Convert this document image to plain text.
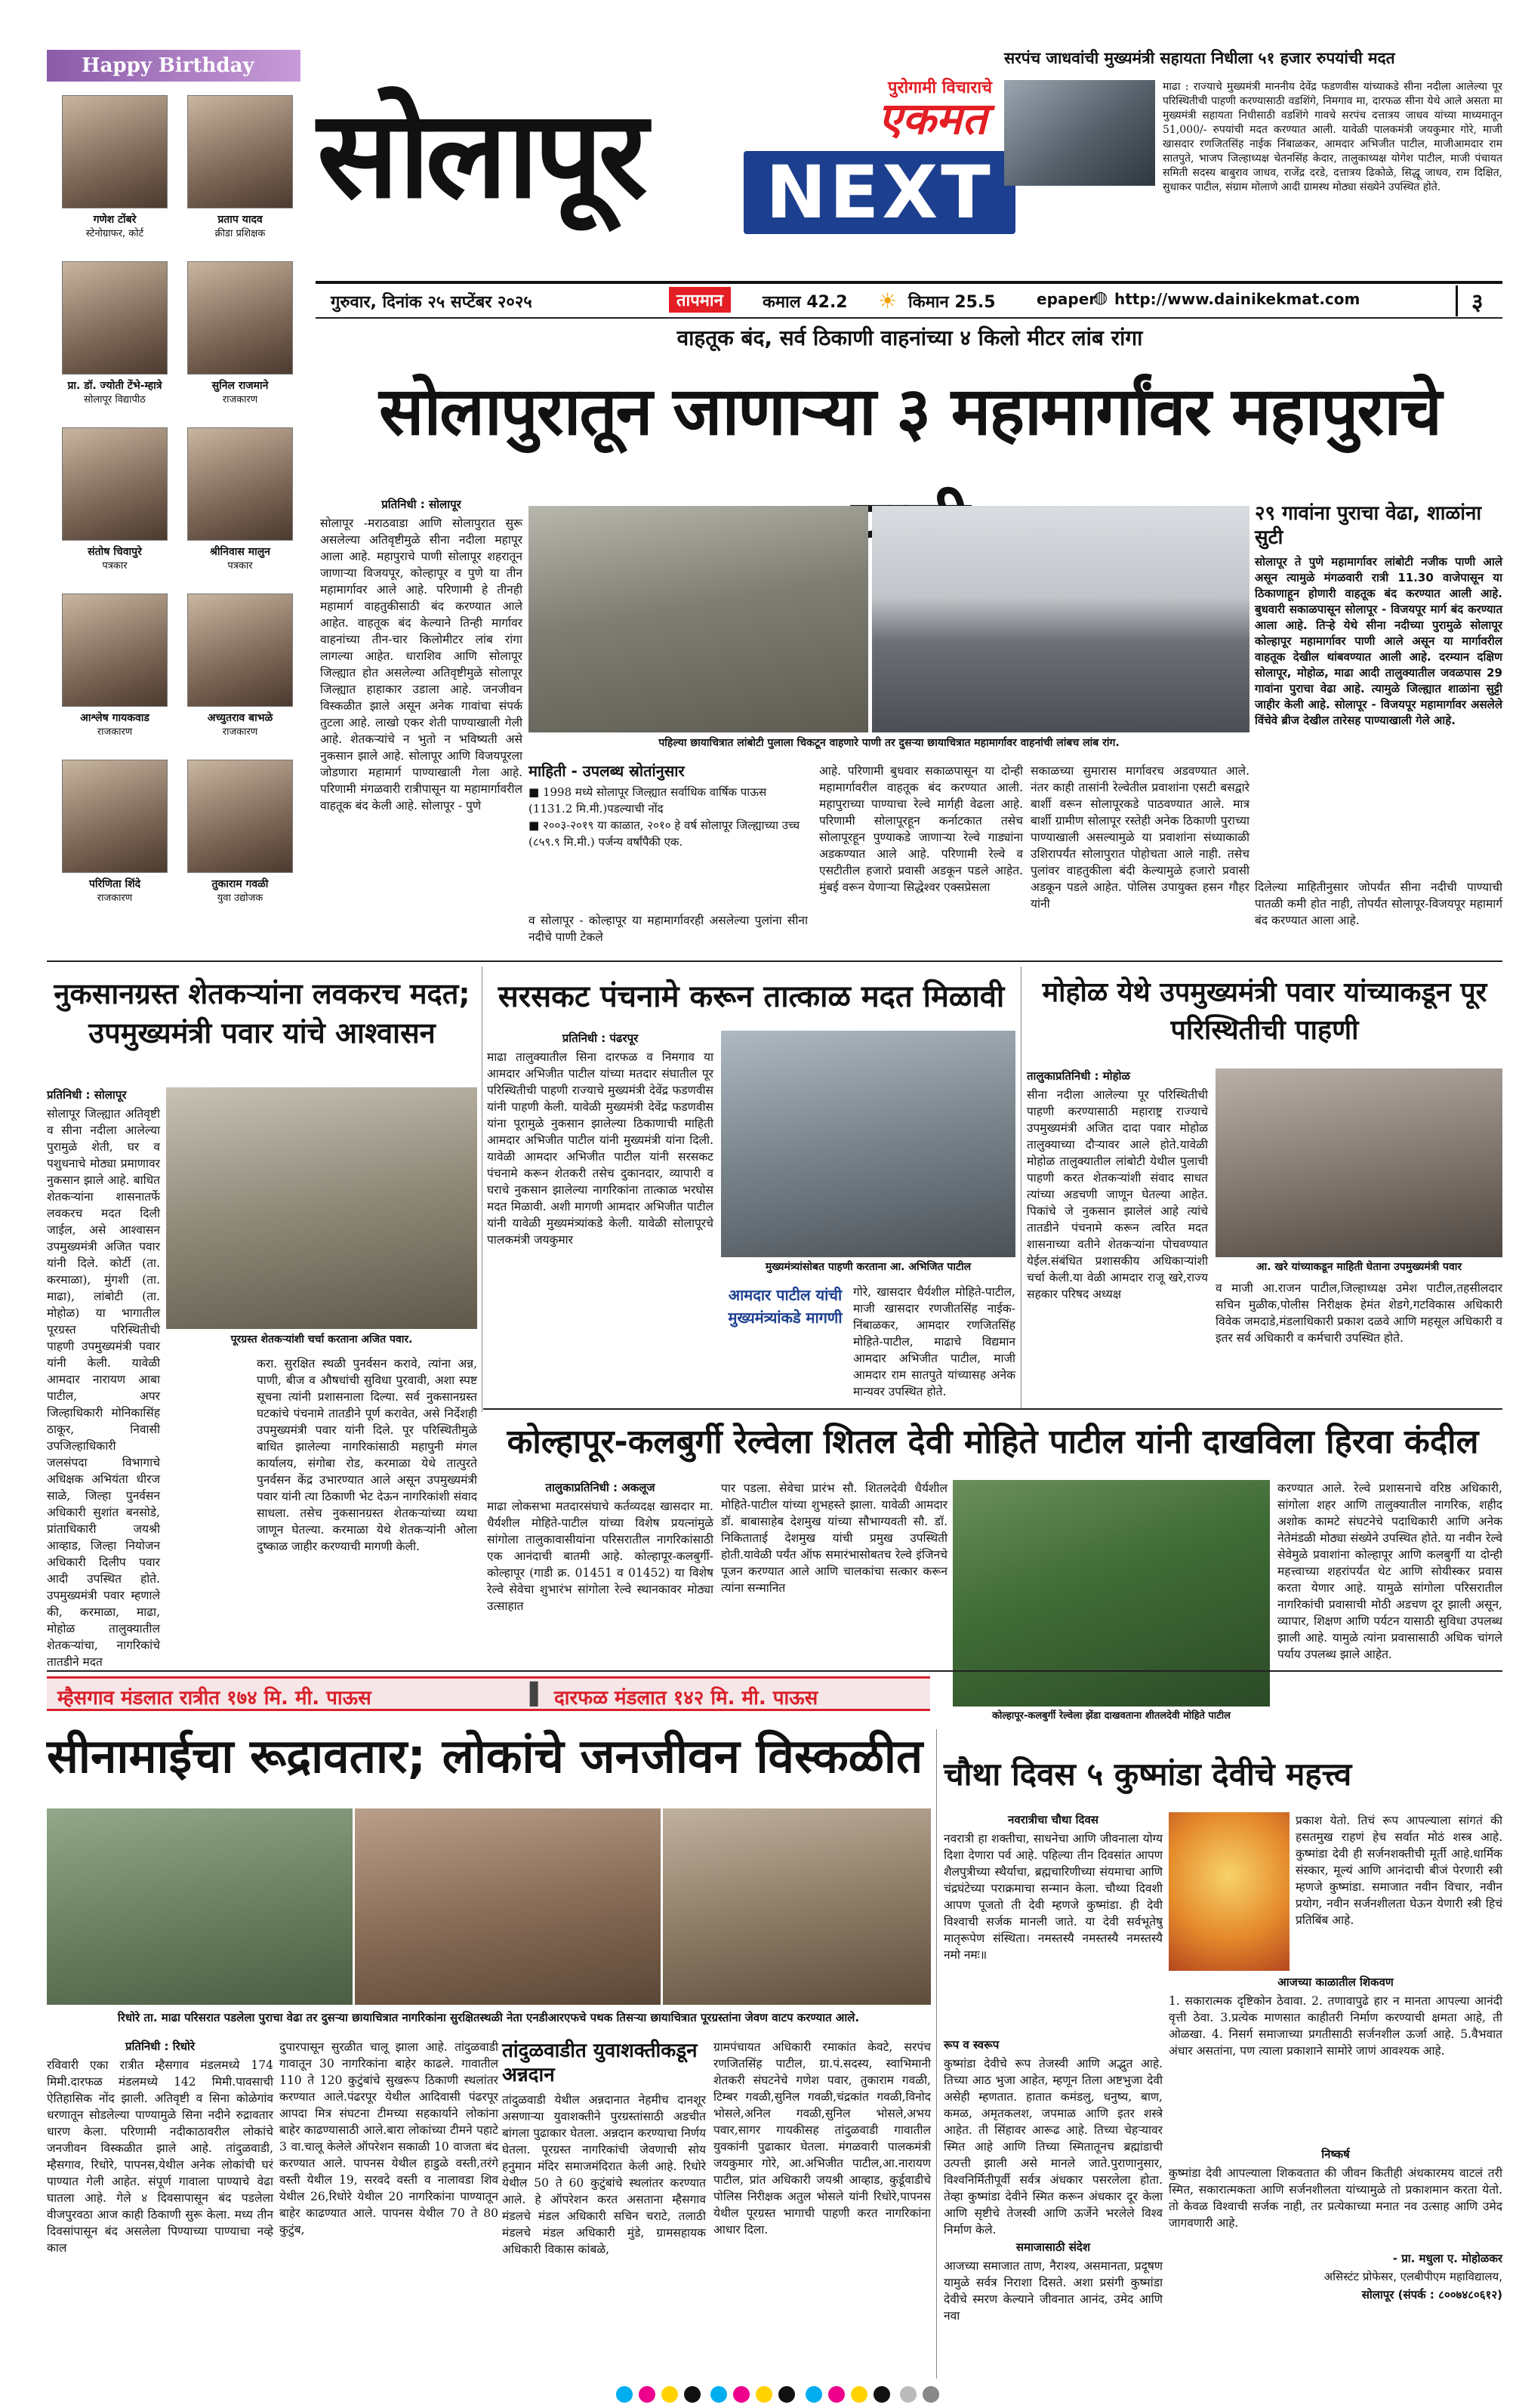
Happy Birthday
गणेश टोंबरे
स्टेनोग्राफर, कोर्ट
प्रताप यादव
क्रीडा प्रशिक्षक
प्रा. डॉ. ज्योती टेंभे-म्हात्रे
सोलापूर विद्यापीठ
सुनिल राजमाने
राजकारण
संतोष चिवापुरे
पत्रकार
श्रीनिवास मालुन
पत्रकार
आश्लेष गायकवाड
राजकारण
अच्युतराव बाभळे
राजकारण
परिणिता शिंदे
राजकारण
तुकाराम गवळी
युवा उद्योजक
सोलापूर	पुरोगामी विचाराचे
एकमत
NEXT
गुरुवार, दिनांक २५ सप्टेंबर २०२५	तापमान	कमाल 42.2 ☀ किमान 25.5	epaper
◍ http://www.dainikekmat.com	३
सरपंच जाधवांची मुख्यमंत्री सहायता निधीला ५१ हजार रुपयांची मदत
माढा : राज्याचे मुख्यमंत्री माननीय देवेंद्र फडणवीस यांच्याकडे सीना नदीला आलेल्या पूर परिस्थितीची पाहणी करण्यासाठी वडशिंगे, निमगाव मा, दारफळ सीना येथे आले असता मा मुख्यमंत्री सहायता निधीसाठी वडशिंगे गावचे सरपंच दत्तात्रय जाधव यांच्या माध्यमातून 51,000/- रुपयांची मदत करण्यात आली. यावेळी पालकमंत्री जयकुमार गोरे, माजी खासदार रणजितसिंह नाईक निंबाळकर, आमदार अभिजीत पाटील, माजीआमदार राम सातपुते, भाजप जिल्हाध्यक्ष चेतनसिंह केदार, तालुकाध्यक्ष योगेश पाटील, माजी पंचायत समिती सदस्य बाबुराव जाधव, राजेंद्र दरडे, दत्तात्रय ढिकोळे, सिद्धू जाधव, राम दिक्षित, सुधाकर पाटील, संग्राम मोलाणे आदी ग्रामस्थ मोठ्या संख्येने उपस्थित होते.
वाहतूक बंद, सर्व ठिकाणी वाहनांच्या ४ किलो मीटर लांब रांगा
सोलापुरातून जाणाऱ्या ३ महामार्गांवर महापुराचे
प्रतिनिधी : सोलापूर
सोलापूर -मराठवाडा आणि सोलापुरात सुरू असलेल्या अतिवृष्टीमुळे सीना नदीला महापूर आला आहे. महापुराचे पाणी सोलापूर शहरातून जाणाऱ्या विजयपूर, कोल्हापूर व पुणे या तीन महामार्गावर आले आहे. परिणामी हे तीनही महामार्ग वाहतुकीसाठी बंद करण्यात आले आहेत. वाहतूक बंद केल्याने तिन्ही मार्गावर वाहनांच्या तीन-चार किलोमीटर लांब रांगा लागल्या आहेत. धाराशिव आणि सोलापूर जिल्ह्यात होत असलेल्या अतिवृष्टीमुळे सोलापूर जिल्ह्यात हाहाकार उडाला आहे. जनजीवन विस्कळीत झाले असून अनेक गावांचा संपर्क तुटला आहे. लाखो एकर शेती पाण्याखाली गेली आहे. शेतकऱ्यांचे न भुतो न भविष्यती असे नुकसान झाले आहे. सोलापूर आणि विजयपूरला जोडणारा महामार्ग पाण्याखाली गेला आहे. परिणामी मंगळवारी रात्रीपासून या महामार्गावरील वाहतूक बंद केली आहे. सोलापूर - पुणे
पहिल्या छायाचित्रात लांबोटी पुलाला चिकटून वाहणारे पाणी तर दुसऱ्या छायाचित्रात महामार्गावर वाहनांची लांबच लांब रांग.
माहिती - उपलब्ध स्रोतांनुसार
■ 1998 मध्ये सोलापूर जिल्ह्यात सर्वाधिक वार्षिक पाऊस (1131.2 मि.मी.)पडल्याची नोंद
■ २००३-२०१९ या काळात, २०१० हे वर्ष सोलापूर जिल्ह्याच्या उच्च (८५९.९ मि.मी.) पर्जन्य वर्षांपैकी एक.
व सोलापूर - कोल्हापूर या महामार्गावरही असलेल्या पुलांना सीना नदीचे पाणी टेकले
आहे. परिणामी बुधवार सकाळपासून या दोन्ही महामार्गावरील वाहतूक बंद करण्यात आली. महापुराच्या पाण्याचा रेल्वे मार्गही वेढला आहे. परिणामी सोलापूरहून कर्नाटकात तसेच सोलापूरहून पुण्याकडे जाणाऱ्या रेल्वे गाड्यांना अडकण्यात आले आहे. परिणामी रेल्वे व एसटीतील हजारो प्रवासी अडकून पडले आहेत. मुंबई वरून येणाऱ्या सिद्धेश्वर एक्सप्रेसला
सकाळच्या सुमारास मार्गावरच अडवण्यात आले. नंतर काही तासांनी रेल्वेतील प्रवाशांना एसटी बसद्वारे बार्शी वरून सोलापूरकडे पाठवण्यात आले. मात्र बार्शी ग्रामीण सोलापूर रस्तेही अनेक ठिकाणी पुराच्या पाण्याखाली असल्यामुळे या प्रवाशांना संध्याकाळी उशिरापर्यंत सोलापुरात पोहोचता आले नाही. तसेच पुलांवर वाहतुकीला बंदी केल्यामुळे हजारो प्रवासी अडकून पडले आहेत. पोलिस उपायुक्त हसन गौहर यांनी
२९ गावांना पुराचा वेढा, शाळांना सुटी
सोलापूर ते पुणे महामार्गावर लांबोटी नजीक पाणी आले असून त्यामुळे मंगळवारी रात्री 11.30 वाजेपासून या ठिकाणाहून होणारी वाहतूक बंद करण्यात आली आहे. बुधवारी सकाळपासून सोलापूर - विजयपूर मार्ग बंद करण्यात आला आहे. तिऱ्हे येथे सीना नदीच्या पुरामुळे सोलापूर कोल्हापूर महामार्गावर पाणी आले असून या मार्गावरील वाहतूक देखील थांबवण्यात आली आहे. दरम्यान दक्षिण सोलापूर, मोहोळ, माढा आदी तालुक्यातील जवळपास 29 गावांना पुराचा वेढा आहे. त्यामुळे जिल्ह्यात शाळांना सुट्टी जाहीर केली आहे. सोलापूर - विजयपूर महामार्गावर असलेले विंचेवे ब्रीज देखील तारेसह पाण्याखाली गेले आहे.
दिलेल्या माहितीनुसार जोपर्यंत सीना नदीची पाण्याची पातळी कमी होत नाही, तोपर्यंत सोलापूर-विजयपूर महामार्ग बंद करण्यात आला आहे.
नुकसानग्रस्त शेतकऱ्यांना लवकरच मदत; उपमुख्यमंत्री पवार यांचे आश्वासन
प्रतिनिधी : सोलापूर
सोलापूर जिल्ह्यात अतिवृष्टी व सीना नदीला आलेल्या पुरामुळे शेती, घर व पशुधनाचे मोठ्या प्रमाणावर नुकसान झाले आहे. बाधित शेतकऱ्यांना शासनातर्फे लवकरच मदत दिली जाईल, असे आश्वासन उपमुख्यमंत्री अजित पवार यांनी दिले. कोर्टी (ता. करमाळा), मुंगशी (ता. माढा), लांबोटी (ता. मोहोळ) या भागातील पूरग्रस्त परिस्थितीची पाहणी उपमुख्यमंत्री पवार यांनी केली. यावेळी आमदार नारायण आबा पाटील, अपर जिल्हाधिकारी मोनिकासिंह ठाकूर, निवासी उपजिल्हाधिकारी जलसंपदा विभागाचे अधिक्षक अभियंता धीरज साळे, जिल्हा पुनर्वसन अधिकारी सुशांत बनसोडे, प्रांताधिकारी जयश्री आव्हाड, जिल्हा नियोजन अधिकारी दिलीप पवार आदी उपस्थित होते. उपमुख्यमंत्री पवार म्हणाले की, करमाळा, माढा, मोहोळ तालुक्यातील शेतकऱ्यांचा, नागरिकांचे तातडीने मदत
पूरग्रस्त शेतकऱ्यांशी चर्चा करताना अजित पवार.
करा. सुरक्षित स्थळी पुनर्वसन करावे, त्यांना अन्न, पाणी, बीज व औषधांची सुविधा पुरवावी, अशा स्पष्ट सूचना त्यांनी प्रशासनाला दिल्या. सर्व नुकसानग्रस्त घटकांचे पंचनामे तातडीने पूर्ण करावेत, असे निर्देशही उपमुख्यमंत्री पवार यांनी दिले. पूर परिस्थितीमुळे बाधित झालेल्या नागरिकांसाठी महापुनी मंगल कार्यालय, संगोबा रोड, करमाळा येथे तात्पुरते पुनर्वसन केंद्र उभारण्यात आले असून उपमुख्यमंत्री पवार यांनी त्या ठिकाणी भेट देऊन नागरिकांशी संवाद साधला. तसेच नुकसानग्रस्त शेतकऱ्यांच्या व्यथा जाणून घेतल्या. करमाळा येथे शेतकऱ्यांनी ओला दुष्काळ जाहीर करण्याची मागणी केली.
सरसकट पंचनामे करून तात्काळ मदत मिळावी
प्रतिनिधी : पंढरपूर
माढा तालुक्यातील सिना दारफळ व निमगाव या आमदार अभिजीत पाटील यांच्या मतदार संघातील पूर परिस्थितीची पाहणी राज्याचे मुख्यमंत्री देवेंद्र फडणवीस यांनी पाहणी केली. यावेळी मुख्यमंत्री देवेंद्र फडणवीस यांना पूरामुळे नुकसान झालेल्या ठिकाणाची माहिती आमदार अभिजीत पाटील यांनी मुख्यमंत्री यांना दिली. यावेळी आमदार अभिजीत पाटील यांनी सरसकट पंचनामे करून शेतकरी तसेच दुकानदार, व्यापारी व घराचे नुकसान झालेल्या नागरिकांना तात्काळ भरघोस मदत मिळावी. अशी मागणी आमदार अभिजीत पाटील यांनी यावेळी मुख्यमंत्र्यांकडे केली. यावेळी सोलापूरचे पालकमंत्री जयकुमार
मुख्यमंत्र्यांसोबत पाहणी करताना आ. अभिजित पाटील
आमदार पाटील यांची मुख्यमंत्र्यांकडे मागणी
गोरे, खासदार धैर्यशील मोहिते-पाटील, माजी खासदार रणजीतसिंह नाईक-निंबाळकर, आमदार रणजितसिंह मोहिते-पाटील, माढाचे विद्यमान आमदार अभिजीत पाटील, माजी आमदार राम सातपुते यांच्यासह अनेक मान्यवर उपस्थित होते.
मोहोळ येथे उपमुख्यमंत्री पवार यांच्याकडून पूर परिस्थितीची पाहणी
तालुकाप्रतिनिधी : मोहोळ
सीना नदीला आलेल्या पूर परिस्थितीची पाहणी करण्यासाठी महाराष्ट्र राज्याचे उपमुख्यमंत्री अजित दादा पवार मोहोळ तालुक्याच्या दौऱ्यावर आले होते.यावेळी मोहोळ तालुक्यातील लांबोटी येथील पुलाची पाहणी करत शेतकऱ्यांशी संवाद साधत त्यांच्या अडचणी जाणून घेतल्या आहेत. पिकांचे जे नुकसान झालेलं आहे त्यांचे तातडीने पंचनामे करून त्वरित मदत शासनाच्या वतीने शेतकऱ्यांना पोचवण्यात येईल.संबंधित प्रशासकीय अधिकाऱ्यांशी चर्चा केली.या वेळी आमदार राजू खरे,राज्य सहकार परिषद अध्यक्ष
आ. खरे यांच्याकडून माहिती घेताना उपमुख्यमंत्री पवार
व माजी आ.राजन पाटील,जिल्हाध्यक्ष उमेश पाटील,तहसीलदार सचिन मुळीक,पोलीस निरीक्षक हेमंत शेडगे,गटविकास अधिकारी विवेक जमदाडे,मंडलाधिकारी प्रकाश दळवे आणि महसूल अधिकारी व इतर सर्व अधिकारी व कर्मचारी उपस्थित होते.
कोल्हापूर-कलबुर्गी रेल्वेला शितल देवी मोहिते पाटील यांनी दाखविला हिरवा कंदील
तालुकाप्रतिनिधी : अकलूज
माढा लोकसभा मतदारसंघाचे कर्तव्यदक्ष खासदार मा. धैर्यशील मोहिते-पाटील यांच्या विशेष प्रयत्नांमुळे सांगोला तालुकावासीयांना परिसरातील नागरिकांसाठी एक आनंदाची बातमी आहे. कोल्हापूर-कलबुर्गी-कोल्हापूर (गाडी क्र. 01451 व 01452) या विशेष रेल्वे सेवेचा शुभारंभ सांगोला रेल्वे स्थानकावर मोठ्या उत्साहात
पार पडला. सेवेचा प्रारंभ सौ. शितलदेवी धैर्यशील मोहिते-पाटील यांच्या शुभहस्ते झाला. यावेळी आमदार डॉ. बाबासाहेब देशमुख यांच्या सौभाग्यवती सौ. डॉ. निकिताताई देशमुख यांची प्रमुख उपस्थिती होती.यावेळी पर्यंत ऑफ समारंभासोबतच रेल्वे इंजिनचे पूजन करण्यात आले आणि चालकांचा सत्कार करून त्यांना सन्मानित
कोल्हापूर-कलबुर्गी रेल्वेला झेंडा दाखवताना शीतलदेवी मोहिते पाटील
करण्यात आले. रेल्वे प्रशासनाचे वरिष्ठ अधिकारी, सांगोला शहर आणि तालुक्यातील नागरिक, शहीद अशोक कामटे संघटनेचे पदाधिकारी आणि अनेक नेतेमंडळी मोठ्या संख्येने उपस्थित होते. या नवीन रेल्वे सेवेमुळे प्रवाशांना कोल्हापूर आणि कलबुर्गी या दोन्ही महत्त्वाच्या शहरांपर्यंत थेट आणि सोयीस्कर प्रवास करता येणार आहे. यामुळे सांगोला परिसरातील नागरिकांची प्रवासाची मोठी अडचण दूर झाली असून, व्यापार, शिक्षण आणि पर्यटन यासाठी सुविधा उपलब्ध झाली आहे. यामुळे त्यांना प्रवासासाठी अधिक चांगले पर्याय उपलब्ध झाले आहेत.
म्हैसगाव मंडलात रात्रीत १७४ मि. मी. पाऊस	▌ दारफळ मंडलात १४२ मि. मी. पाऊस
सीनामाईचा रूद्रावतार; लोकांचे जनजीवन विस्कळीत
रिधोरे ता. माढा परिसरात पडलेला पुराचा वेढा तर दुसऱ्या छायाचित्रात नागरिकांना सुरक्षितस्थळी नेता एनडीआरएफचे पथक तिसऱ्या छायाचित्रात पूरग्रस्तांना जेवण वाटप करण्यात आले.
प्रतिनिधी : रिधोरे
रविवारी एका रात्रीत म्हैसगाव मंडलमध्ये 174 मिमी.दारफळ मंडलमध्ये 142 मिमी.पावसाची ऐतिहासिक नोंद झाली. अतिवृष्टी व सिना कोळेगांव धरणातून सोडलेल्या पाण्यामुळे सिना नदीने रुद्रावतार धारण केला. परिणामी नदीकाठावरील लोकांचे जनजीवन विस्कळीत झाले आहे. तांदुळवाडी, म्हैसगाव, रिधोरे, पापनस,येथील अनेक लोकांची घरं पाण्यात गेली आहेत. संपूर्ण गावाला पाण्याचे वेढा घातला आहे. गेले ४ दिवसापासून बंद पडलेला वीजपुरवठा आज काही ठिकाणी सुरू केला. मध्य तीन दिवसांपासून बंद असलेला पिण्याच्या पाण्याचा नव्हे काल
दुपारपासून सुरळीत चालू झाला आहे. तांदुळवाडी गावातून 30 नागरिकांना बाहेर काढले. गावातील 110 ते 120 कुटुंबांचे सुखरूप ठिकाणी स्थलांतर करण्यात आले.पंढरपूर येथील आदिवासी पंढरपूर आपदा मित्र संघटना टीमच्या सहकार्याने लोकांना बाहेर काढण्यासाठी आले.बारा लोकांच्या टीमने पहाटे 3 वा.चालू केलेले ऑपरेशन सकाळी 10 वाजता बंद करण्यात आले. पापनस येथील हाडुळे वस्ती,तरंगे वस्ती येथील 19, सरवदे वस्ती व नालावडा शिव येथील 26,रिधोरे येथील 20 नागरिकांना पाण्यातून बाहेर काढण्यात आले. पापनस येथील 70 ते 80 कुटुंब,
तांदुळवाडीत युवाशक्तीकडून अन्नदान
तांदुळवाडी येथील अन्नदानात नेहमीच दानशूर असणाऱ्या युवाशक्तीने पुरग्रस्तांसाठी अडचीत बांगला पुढाकार घेतला. अन्नदान करण्याचा निर्णय घेतला. पूरग्रस्त नागरिकांची जेवणाची सोय हनुमान मंदिर समाजमंदिरात केली आहे. रिधोरे येथील 50 ते 60 कुटुंबांचे स्थलांतर करण्यात आले. हे ऑपरेशन करत असताना म्हैसगाव मंडलचे मंडल अधिकारी सचिन चराटे, तलाठी मंडलचे मंडल अधिकारी मुंडे, ग्रामसहायक अधिकारी विकास कांबळे,
ग्रामपंचायत अधिकारी रमाकांत केवटे, सरपंच रणजितसिंह पाटील, ग्रा.पं.सदस्य, स्वाभिमानी शेतकरी संघटनेचे गणेश पवार, तुकाराम गवळी, टिम्बर गवळी,सुनिल गवळी,चंद्रकांत गवळी,विनोद भोसले,अनिल गवळी,सुनिल भोसले,अभय पवार,सागर गायकीसह तांदुळवाडी गावातील युवकांनी पुढाकार घेतला. मंगळवारी पालकमंत्री जयकुमार गोरे, आ.अभिजीत पाटील,आ.नारायण पाटील, प्रांत अधिकारी जयश्री आव्हाड, कुर्डूवाडीचे पोलिस निरीक्षक अतुल भोसले यांनी रिधोरे,पापनस येथील पूरग्रस्त भागाची पाहणी करत नागरिकांना आधार दिला.
चौथा दिवस ५ कुष्मांडा देवीचे महत्त्व
नवरात्रीचा चौथा दिवस
नवरात्री हा शक्तीचा, साधनेचा आणि जीवनाला योग्य दिशा देणारा पर्व आहे. पहिल्या तीन दिवसांत आपण शैलपुत्रीच्या स्थैर्याचा, ब्रह्मचारिणीच्या संयमाचा आणि चंद्रघंटेच्या पराक्रमाचा सन्मान केला. चौथ्या दिवशी आपण पूजतो ती देवी म्हणजे कुष्मांडा. ही देवी विश्वाची सर्जक मानली जाते. या देवी सर्वभूतेषु मातृरूपेण संस्थिता। नमस्तस्यै नमस्तस्यै नमस्तस्यै नमो नमः॥
रूप व स्वरूप
कुष्मांडा देवीचे रूप तेजस्वी आणि अद्भुत आहे. तिच्या आठ भुजा आहेत, म्हणून तिला अष्टभुजा देवी असेही म्हणतात. हातात कमंडलु, धनुष्य, बाण, कमळ, अमृतकलश, जपमाळ आणि इतर शस्त्रे आहेत. ती सिंहावर आरूढ आहे. तिच्या चेहऱ्यावर स्मित आहे आणि तिच्या स्मितातूनच ब्रह्मांडाची उत्पत्ती झाली असे मानले जाते.पुराणानुसार, विश्वनिर्मितीपूर्वी सर्वत्र अंधकार पसरलेला होता. तेव्हा कुष्मांडा देवीने स्मित करून अंधकार दूर केला आणि सृष्टीचे तेजस्वी आणि ऊर्जेने भरलेले विश्व निर्माण केले.
समाजासाठी संदेश
आजच्या समाजात ताण, नैराश्य, असमानता, प्रदूषण यामुळे सर्वत्र निराशा दिसते. अशा प्रसंगी कुष्मांडा देवीचे स्मरण केल्याने जीवनात आनंद, उमेद आणि नवा
प्रकाश येतो. तिचं रूप आपल्याला सांगतं की हसतमुख राहणं हेच सर्वात मोठं शस्त्र आहे. कुष्मांडा देवी ही सर्जनशक्तीची मूर्ती आहे.धार्मिक संस्कार, मूल्यं आणि आनंदाची बीजं पेरणारी स्त्री म्हणजे कुष्मांडा. समाजात नवीन विचार, नवीन प्रयोग, नवीन सर्जनशीलता घेऊन येणारी स्त्री हिचं प्रतिबिंब आहे.
आजच्या काळातील शिकवण
1. सकारात्मक दृष्टिकोन ठेवावा. 2. तणावापुढे हार न मानता आपल्या आनंदी वृत्ती ठेवा. 3.प्रत्येक माणसात काहीतरी निर्माण करण्याची क्षमता आहे, ती ओळखा. 4. निसर्ग समाजाच्या प्रगतीसाठी सर्जनशील ऊर्जा आहे. 5.वैभवात अंधार असतांना, पण त्याला प्रकाशाने सामोरे जाणं आवश्यक आहे.
निष्कर्ष
कुष्मांडा देवी आपल्याला शिकवतात की जीवन कितीही अंधकारमय वाटलं तरी स्मित, सकारात्मकता आणि सर्जनशीलता यांच्यामुळे तो प्रकाशमान करता येतो. तो केवळ विश्वाची सर्जक नाही, तर प्रत्येकाच्या मनात नव उत्साह आणि उमेद जागवणारी आहे.
- प्रा. मधुला ए. मोहोळकर
असिस्टंट प्रोफेसर, एलबीपीएम महाविद्यालय,
सोलापूर (संपर्क : ८००७४८०६१२)
